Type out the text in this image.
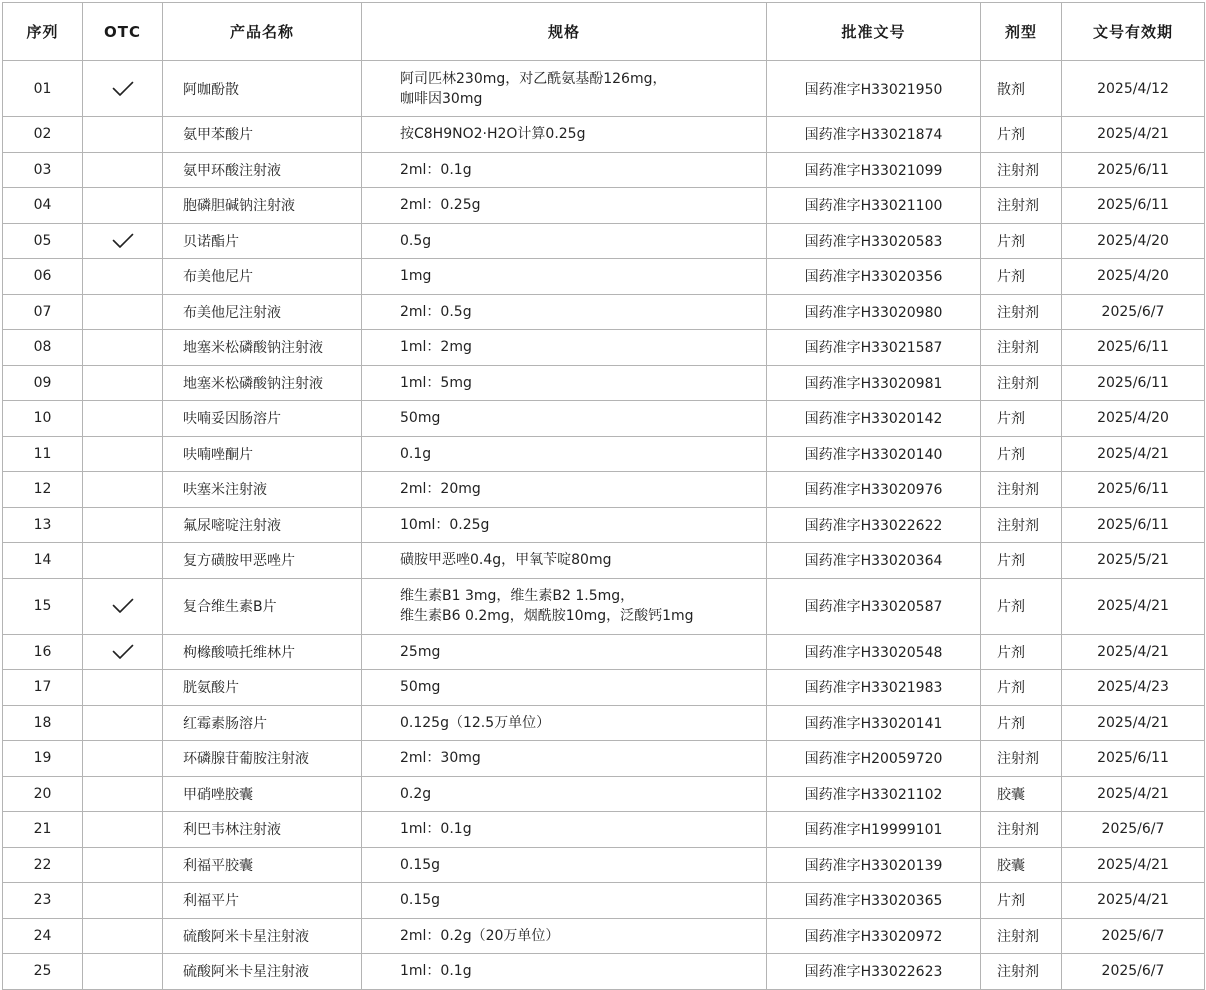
序列	OTC	产品名称	规格	批准文号	剂型	文号有效期
01		阿咖酚散	阿司匹林230mg，对乙酰氨基酚126mg，
咖啡因30mg	国药准字H33021950	散剂	2025/4/12
02		氨甲苯酸片	按C8H9NO2·H2O计算0.25g	国药准字H33021874	片剂	2025/4/21
03		氨甲环酸注射液	2ml：0.1g	国药准字H33021099	注射剂	2025/6/11
04		胞磷胆碱钠注射液	2ml：0.25g	国药准字H33021100	注射剂	2025/6/11
05		贝诺酯片	0.5g	国药准字H33020583	片剂	2025/4/20
06		布美他尼片	1mg	国药准字H33020356	片剂	2025/4/20
07		布美他尼注射液	2ml：0.5g	国药准字H33020980	注射剂	2025/6/7
08		地塞米松磷酸钠注射液	1ml：2mg	国药准字H33021587	注射剂	2025/6/11
09		地塞米松磷酸钠注射液	1ml：5mg	国药准字H33020981	注射剂	2025/6/11
10		呋喃妥因肠溶片	50mg	国药准字H33020142	片剂	2025/4/20
11		呋喃唑酮片	0.1g	国药准字H33020140	片剂	2025/4/21
12		呋塞米注射液	2ml：20mg	国药准字H33020976	注射剂	2025/6/11
13		氟尿嘧啶注射液	10ml：0.25g	国药准字H33022622	注射剂	2025/6/11
14		复方磺胺甲恶唑片	磺胺甲恶唑0.4g，甲氧苄啶80mg	国药准字H33020364	片剂	2025/5/21
15		复合维生素B片	维生素B1 3mg，维生素B2 1.5mg，
维生素B6 0.2mg，烟酰胺10mg，泛酸钙1mg	国药准字H33020587	片剂	2025/4/21
16		枸橼酸喷托维林片	25mg	国药准字H33020548	片剂	2025/4/21
17		胱氨酸片	50mg	国药准字H33021983	片剂	2025/4/23
18		红霉素肠溶片	0.125g（12.5万单位）	国药准字H33020141	片剂	2025/4/21
19		环磷腺苷葡胺注射液	2ml：30mg	国药准字H20059720	注射剂	2025/6/11
20		甲硝唑胶囊	0.2g	国药准字H33021102	胶囊	2025/4/21
21		利巴韦林注射液	1ml：0.1g	国药准字H19999101	注射剂	2025/6/7
22		利福平胶囊	0.15g	国药准字H33020139	胶囊	2025/4/21
23		利福平片	0.15g	国药准字H33020365	片剂	2025/4/21
24		硫酸阿米卡星注射液	2ml：0.2g（20万单位）	国药准字H33020972	注射剂	2025/6/7
25		硫酸阿米卡星注射液	1ml：0.1g	国药准字H33022623	注射剂	2025/6/7
